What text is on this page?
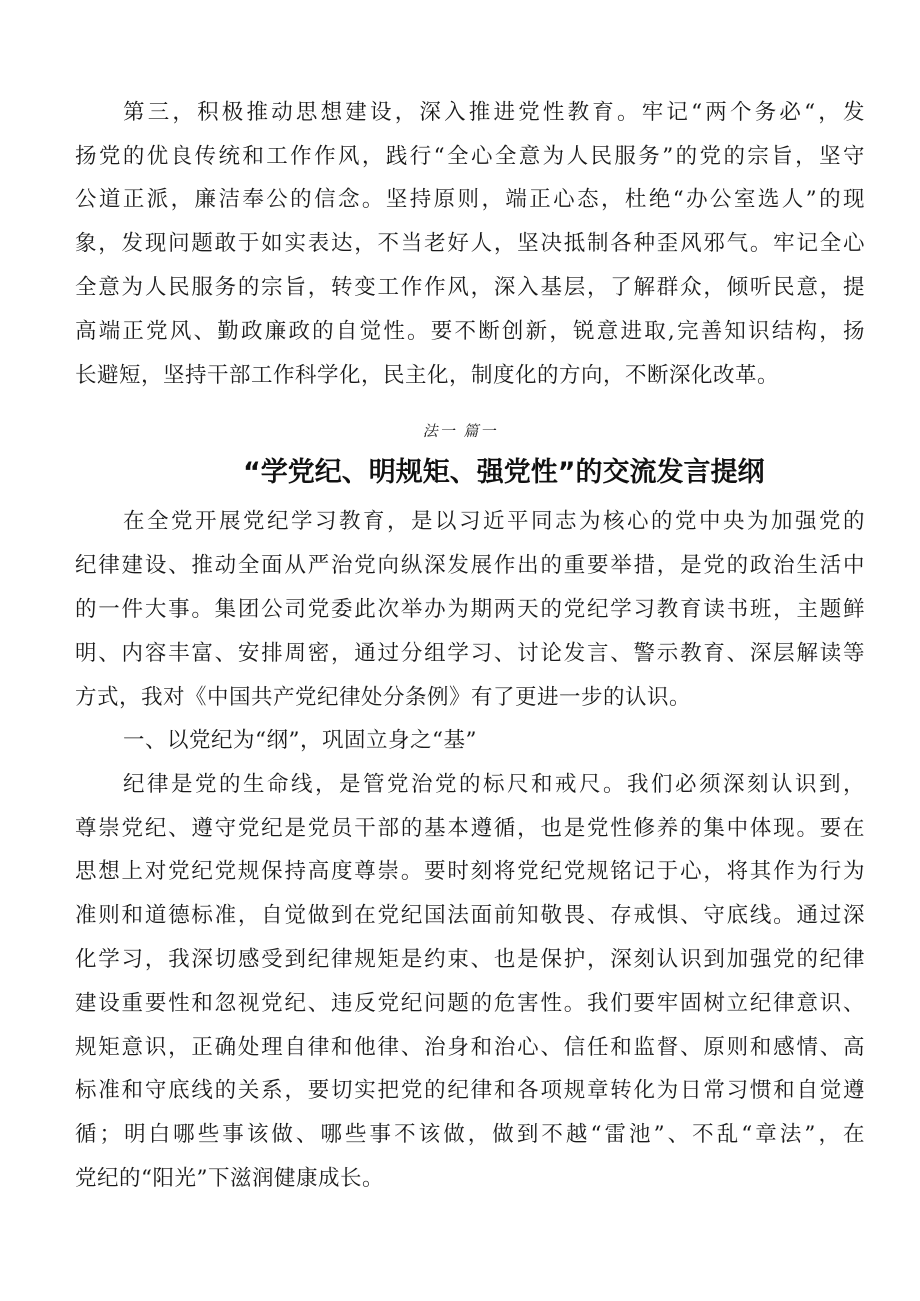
第三，积极推动思想建设，深入推进党性教育。牢记“两个务必“，发
扬党的优良传统和工作作风，践行“全心全意为人民服务”的党的宗旨，坚守
公道正派，廉洁奉公的信念。坚持原则，端正心态，杜绝“办公室选人”的现
象，发现问题敢于如实表达，不当老好人，坚决抵制各种歪风邪气。牢记全心
全意为人民服务的宗旨，转变工作作风，深入基层，了解群众，倾听民意，提
高端正党风、勤政廉政的自觉性。要不断创新，锐意进取,完善知识结构，扬
长避短，坚持干部工作科学化，民主化，制度化的方向，不断深化改革。
法一 篇一
“学党纪、明规矩、强党性”的交流发言提纲
在全党开展党纪学习教育，是以习近平同志为核心的党中央为加强党的
纪律建设、推动全面从严治党向纵深发展作出的重要举措，是党的政治生活中
的一件大事。集团公司党委此次举办为期两天的党纪学习教育读书班，主题鲜
明、内容丰富、安排周密，通过分组学习、讨论发言、警示教育、深层解读等
方式，我对《中国共产党纪律处分条例》有了更进一步的认识。
一、以党纪为“纲”，巩固立身之“基”
纪律是党的生命线，是管党治党的标尺和戒尺。我们必须深刻认识到，
尊崇党纪、遵守党纪是党员干部的基本遵循，也是党性修养的集中体现。要在
思想上对党纪党规保持高度尊崇。要时刻将党纪党规铭记于心，将其作为行为
准则和道德标准，自觉做到在党纪国法面前知敬畏、存戒惧、守底线。通过深
化学习，我深切感受到纪律规矩是约束、也是保护，深刻认识到加强党的纪律
建设重要性和忽视党纪、违反党纪问题的危害性。我们要牢固树立纪律意识、
规矩意识，正确处理自律和他律、治身和治心、信任和监督、原则和感情、高
标准和守底线的关系，要切实把党的纪律和各项规章转化为日常习惯和自觉遵
循；明白哪些事该做、哪些事不该做，做到不越“雷池”、不乱“章法”，在
党纪的“阳光”下滋润健康成长。
